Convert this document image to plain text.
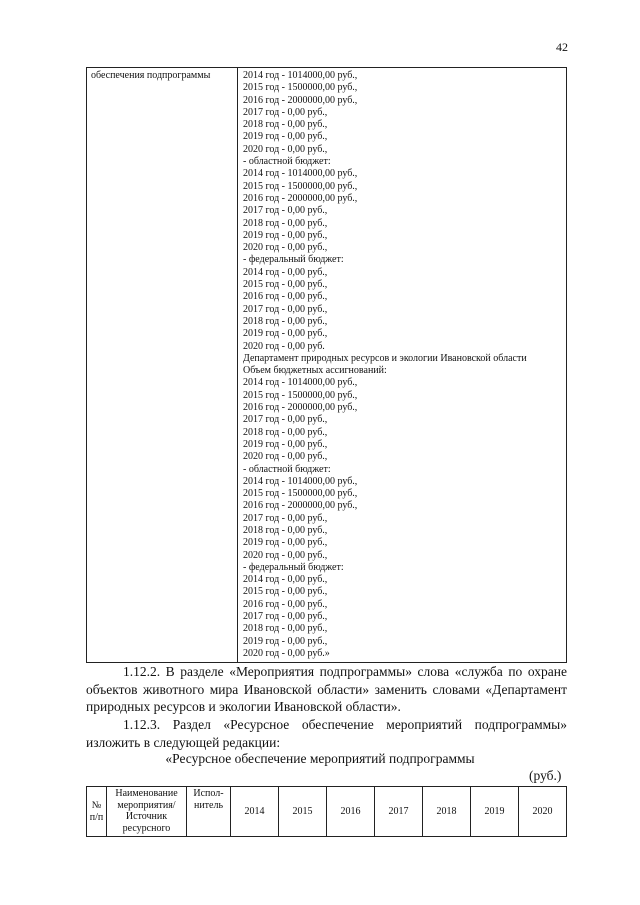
42
обеспечения подпрограммы	2014 год - 1014000,00 руб.,
2015 год - 1500000,00 руб.,
2016 год - 2000000,00 руб.,
2017 год - 0,00 руб.,
2018 год - 0,00 руб.,
2019 год - 0,00 руб.,
2020 год - 0,00 руб.,
- областной бюджет:
2014 год - 1014000,00 руб.,
2015 год - 1500000,00 руб.,
2016 год - 2000000,00 руб.,
2017 год - 0,00 руб.,
2018 год - 0,00 руб.,
2019 год - 0,00 руб.,
2020 год - 0,00 руб.,
- федеральный бюджет:
2014 год - 0,00 руб.,
2015 год - 0,00 руб.,
2016 год - 0,00 руб.,
2017 год - 0,00 руб.,
2018 год - 0,00 руб.,
2019 год - 0,00 руб.,
2020 год - 0,00 руб.
Департамент природных ресурсов и экологии Ивановской области
Объем бюджетных ассигнований:
2014 год - 1014000,00 руб.,
2015 год - 1500000,00 руб.,
2016 год - 2000000,00 руб.,
2017 год - 0,00 руб.,
2018 год - 0,00 руб.,
2019 год - 0,00 руб.,
2020 год - 0,00 руб.,
- областной бюджет:
2014 год - 1014000,00 руб.,
2015 год - 1500000,00 руб.,
2016 год - 2000000,00 руб.,
2017 год - 0,00 руб.,
2018 год - 0,00 руб.,
2019 год - 0,00 руб.,
2020 год - 0,00 руб.,
- федеральный бюджет:
2014 год - 0,00 руб.,
2015 год - 0,00 руб.,
2016 год - 0,00 руб.,
2017 год - 0,00 руб.,
2018 год - 0,00 руб.,
2019 год - 0,00 руб.,
2020 год - 0,00 руб.»
1.12.2. В разделе «Мероприятия подпрограммы» слова «служба по охране объектов животного мира Ивановской области» заменить словами «Департамент природных ресурсов и экологии Ивановской области».
1.12.3. Раздел «Ресурсное обеспечение мероприятий подпрограммы» изложить в следующей редакции:
«Ресурсное обеспечение мероприятий подпрограммы
(руб.)
№ п/п	Наименование мероприятия/ Источник ресурсного	Испол-нитель	2014	2015	2016	2017	2018	2019	2020
